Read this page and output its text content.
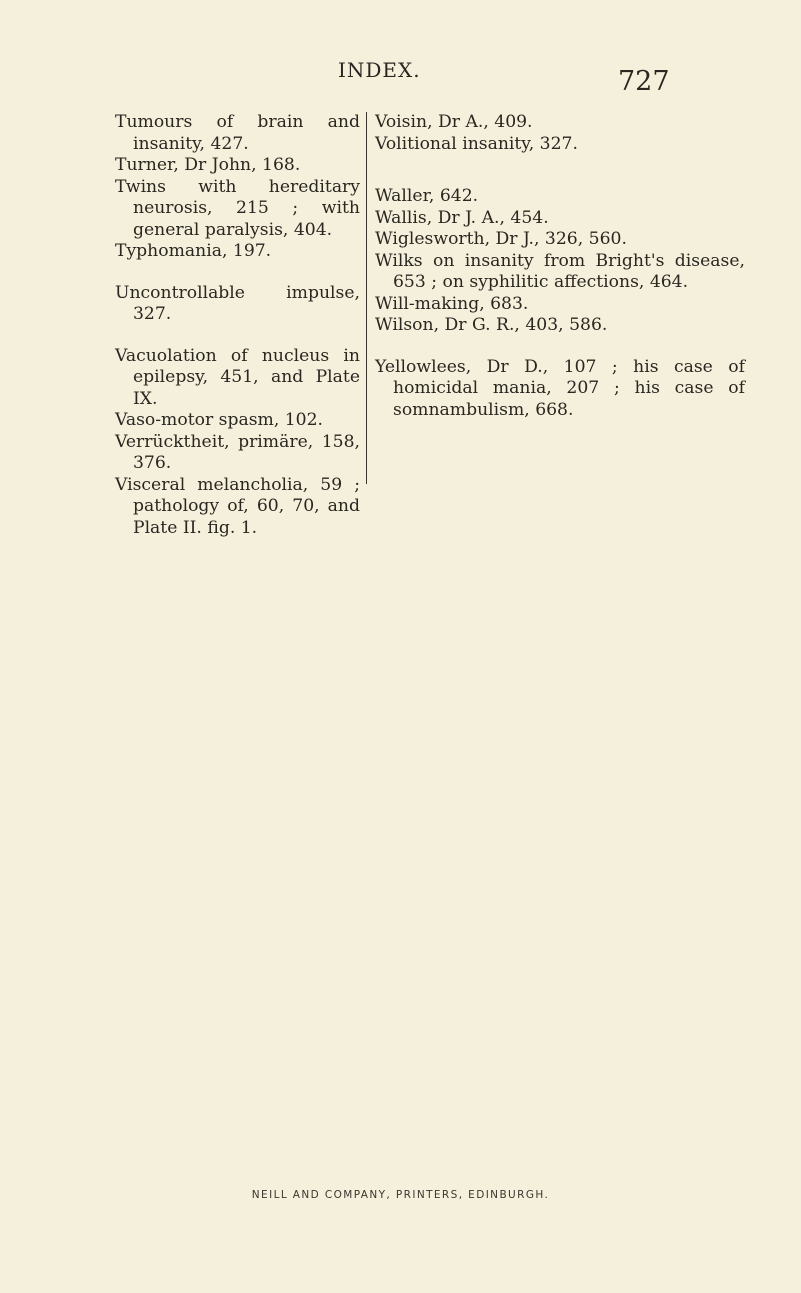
INDEX.	727

Tumours of brain and insanity, 427.

Turner, Dr John, 168.

Twins with hereditary neurosis, 215 ; with general paralysis, 404.

Typhomania, 197.

Uncontrollable impulse, 327.

Vacuolation of nucleus in epilepsy, 451, and Plate IX.

Vaso-motor spasm, 102.

Verrücktheit, primäre, 158, 376.

Visceral melancholia, 59 ; pathology of, 60, 70, and Plate II. fig. 1.

Voisin, Dr A., 409.

Volitional insanity, 327.

Waller, 642.

Wallis, Dr J. A., 454.

Wiglesworth, Dr J., 326, 560.

Wilks on insanity from Bright's disease, 653 ; on syphilitic affections, 464.

Will-making, 683.

Wilson, Dr G. R., 403, 586.

Yellowlees, Dr D., 107 ; his case of homicidal mania, 207 ; his case of somnambulism, 668.

NEILL AND COMPANY, PRINTERS, EDINBURGH.
